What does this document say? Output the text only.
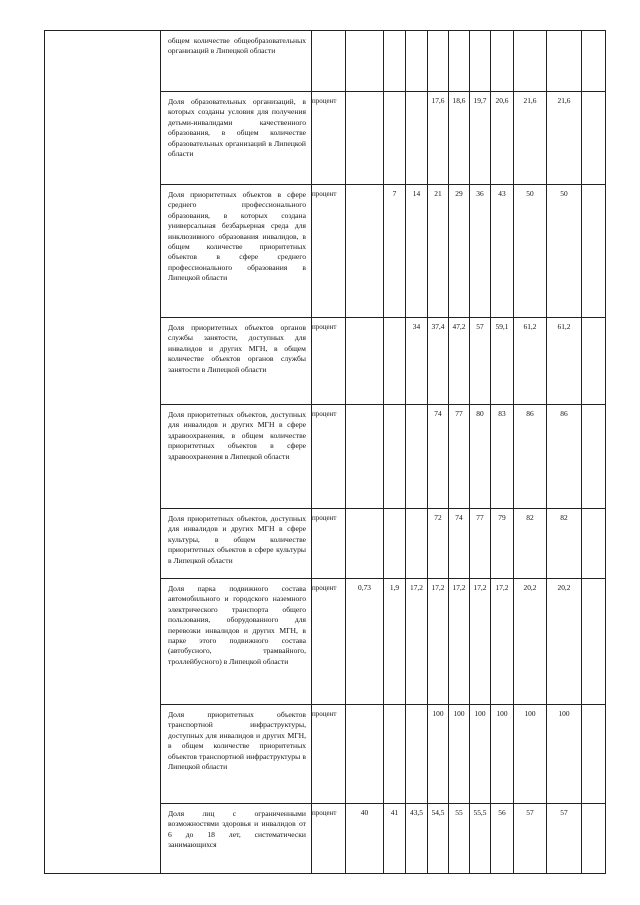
	общем количестве общеобразовательных организаций в Липецкой области											
	Доля образовательных организаций, в которых созданы условия для получения детьми-инвалидами качественного образования, в общем количестве образовательных организаций в Липецкой области	процент				17,6	18,6	19,7	20,6	21,6	21,6	
	Доля приоритетных объектов в сфере среднего профессионального образования, в которых создана универсальная безбарьерная среда для инклюзивного образования инвалидов, в общем количестве приоритетных объектов в сфере среднего профессионального образования в Липецкой области	процент		7	14	21	29	36	43	50	50	
	Доля приоритетных объектов органов службы занятости, доступных для инвалидов и других МГН, в общем количестве объектов органов службы занятости в Липецкой области	процент			34	37,4	47,2	57	59,1	61,2	61,2	
	Доля приоритетных объектов, доступных для инвалидов и других МГН в сфере здравоохранения, в общем количестве приоритетных объектов в сфере здравоохранения в Липецкой области	процент				74	77	80	83	86	86	
	Доля приоритетных объектов, доступных для инвалидов и других МГН в сфере культуры, в общем количестве приоритетных объектов в сфере культуры в Липецкой области	процент				72	74	77	79	82	82	
	Доля парка подвижного состава автомобильного и городского наземного электрического транспорта общего пользования, оборудованного для перевозки инвалидов и других МГН, в парке этого подвижного состава (автобусного, трамвайного, троллейбусного) в Липецкой области	процент	0,73	1,9	17,2	17,2	17,2	17,2	17,2	20,2	20,2	
	Доля приоритетных объектов транспортной инфраструктуры, доступных для инвалидов и других МГН, в общем количестве приоритетных объектов транспортной инфраструктуры в Липецкой области	процент				100	100	100	100	100	100	
	Доля лиц с ограниченными возможностями здоровья и инвалидов от 6 до 18 лет, систематически занимающихся	процент	40	41	43,5	54,5	55	55,5	56	57	57	
